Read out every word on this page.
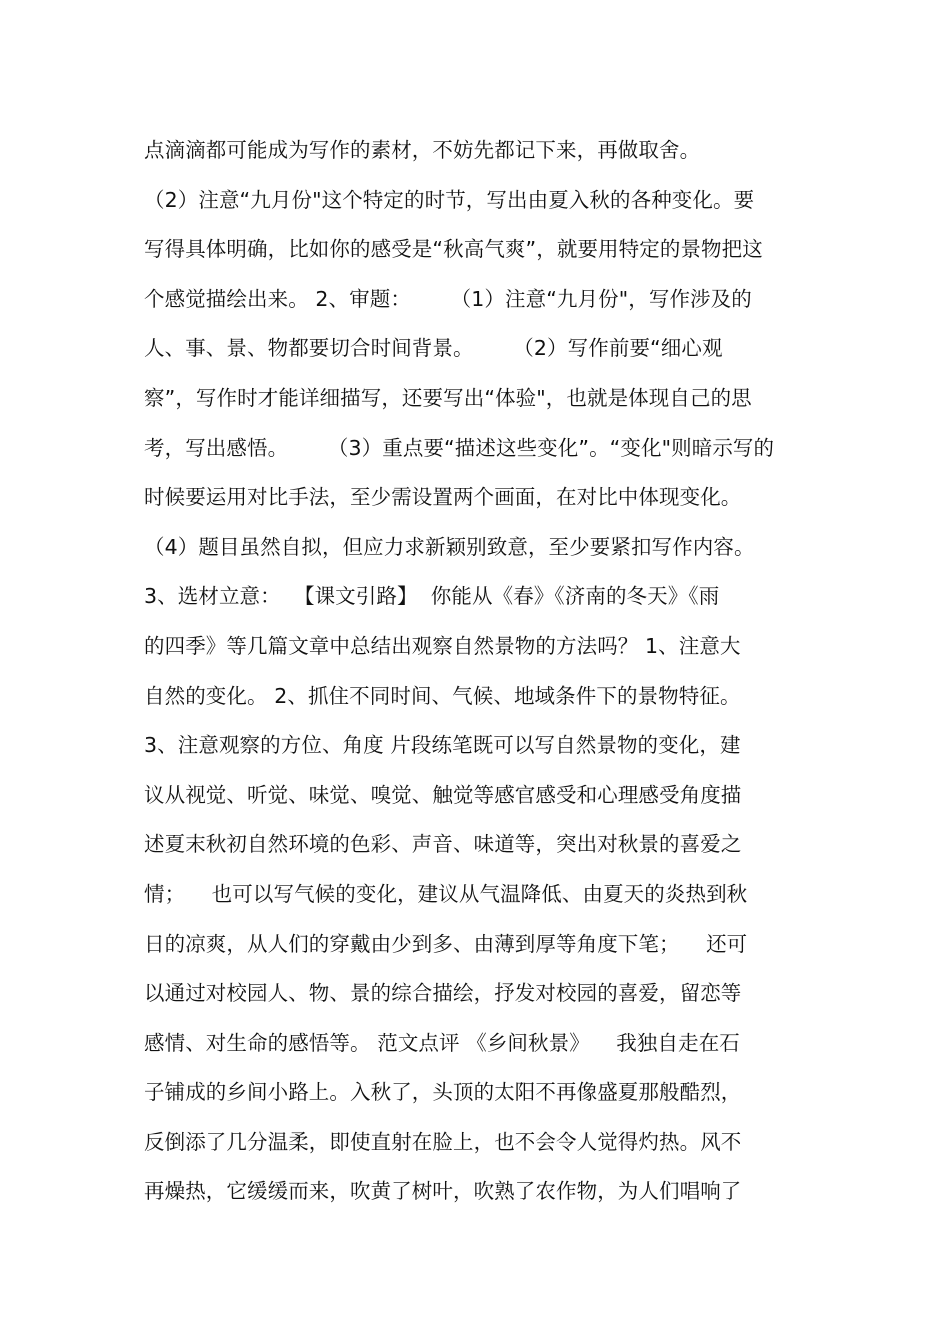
点滴滴都可能成为写作的素材，不妨先都记下来，再做取舍。
（2）注意“九月份"这个特定的时节，写出由夏入秋的各种变化。要
写得具体明确，比如你的感受是“秋高气爽”，就要用特定的景物把这
个感觉描绘出来。 2、审题：      （1）注意“九月份"，写作涉及的
人、事、景、物都要切合时间背景。      （2）写作前要“细心观
察”，写作时才能详细描写，还要写出“体验"，也就是体现自己的思
考，写出感悟。      （3）重点要“描述这些变化”。“变化"则暗示写的
时候要运用对比手法，至少需设置两个画面，在对比中体现变化。
（4）题目虽然自拟，但应力求新颖别致意，至少要紧扣写作内容。
3、选材立意：  【课文引路】  你能从《春》《济南的冬天》《雨
的四季》等几篇文章中总结出观察自然景物的方法吗？ 1、注意大
自然的变化。 2、抓住不同时间、气候、地域条件下的景物特征。
3、注意观察的方位、角度 片段练笔既可以写自然景物的变化，建
议从视觉、听觉、味觉、嗅觉、触觉等感官感受和心理感受角度描
述夏末秋初自然环境的色彩、声音、味道等，突出对秋景的喜爱之
情；    也可以写气候的变化，建议从气温降低、由夏天的炎热到秋
日的凉爽，从人们的穿戴由少到多、由薄到厚等角度下笔；    还可
以通过对校园人、物、景的综合描绘，抒发对校园的喜爱，留恋等
感情、对生命的感悟等。 范文点评 《乡间秋景》    我独自走在石
子铺成的乡间小路上。入秋了，头顶的太阳不再像盛夏那般酷烈，
反倒添了几分温柔，即使直射在脸上，也不会令人觉得灼热。风不
再燥热，它缓缓而来，吹黄了树叶，吹熟了农作物，为人们唱响了
